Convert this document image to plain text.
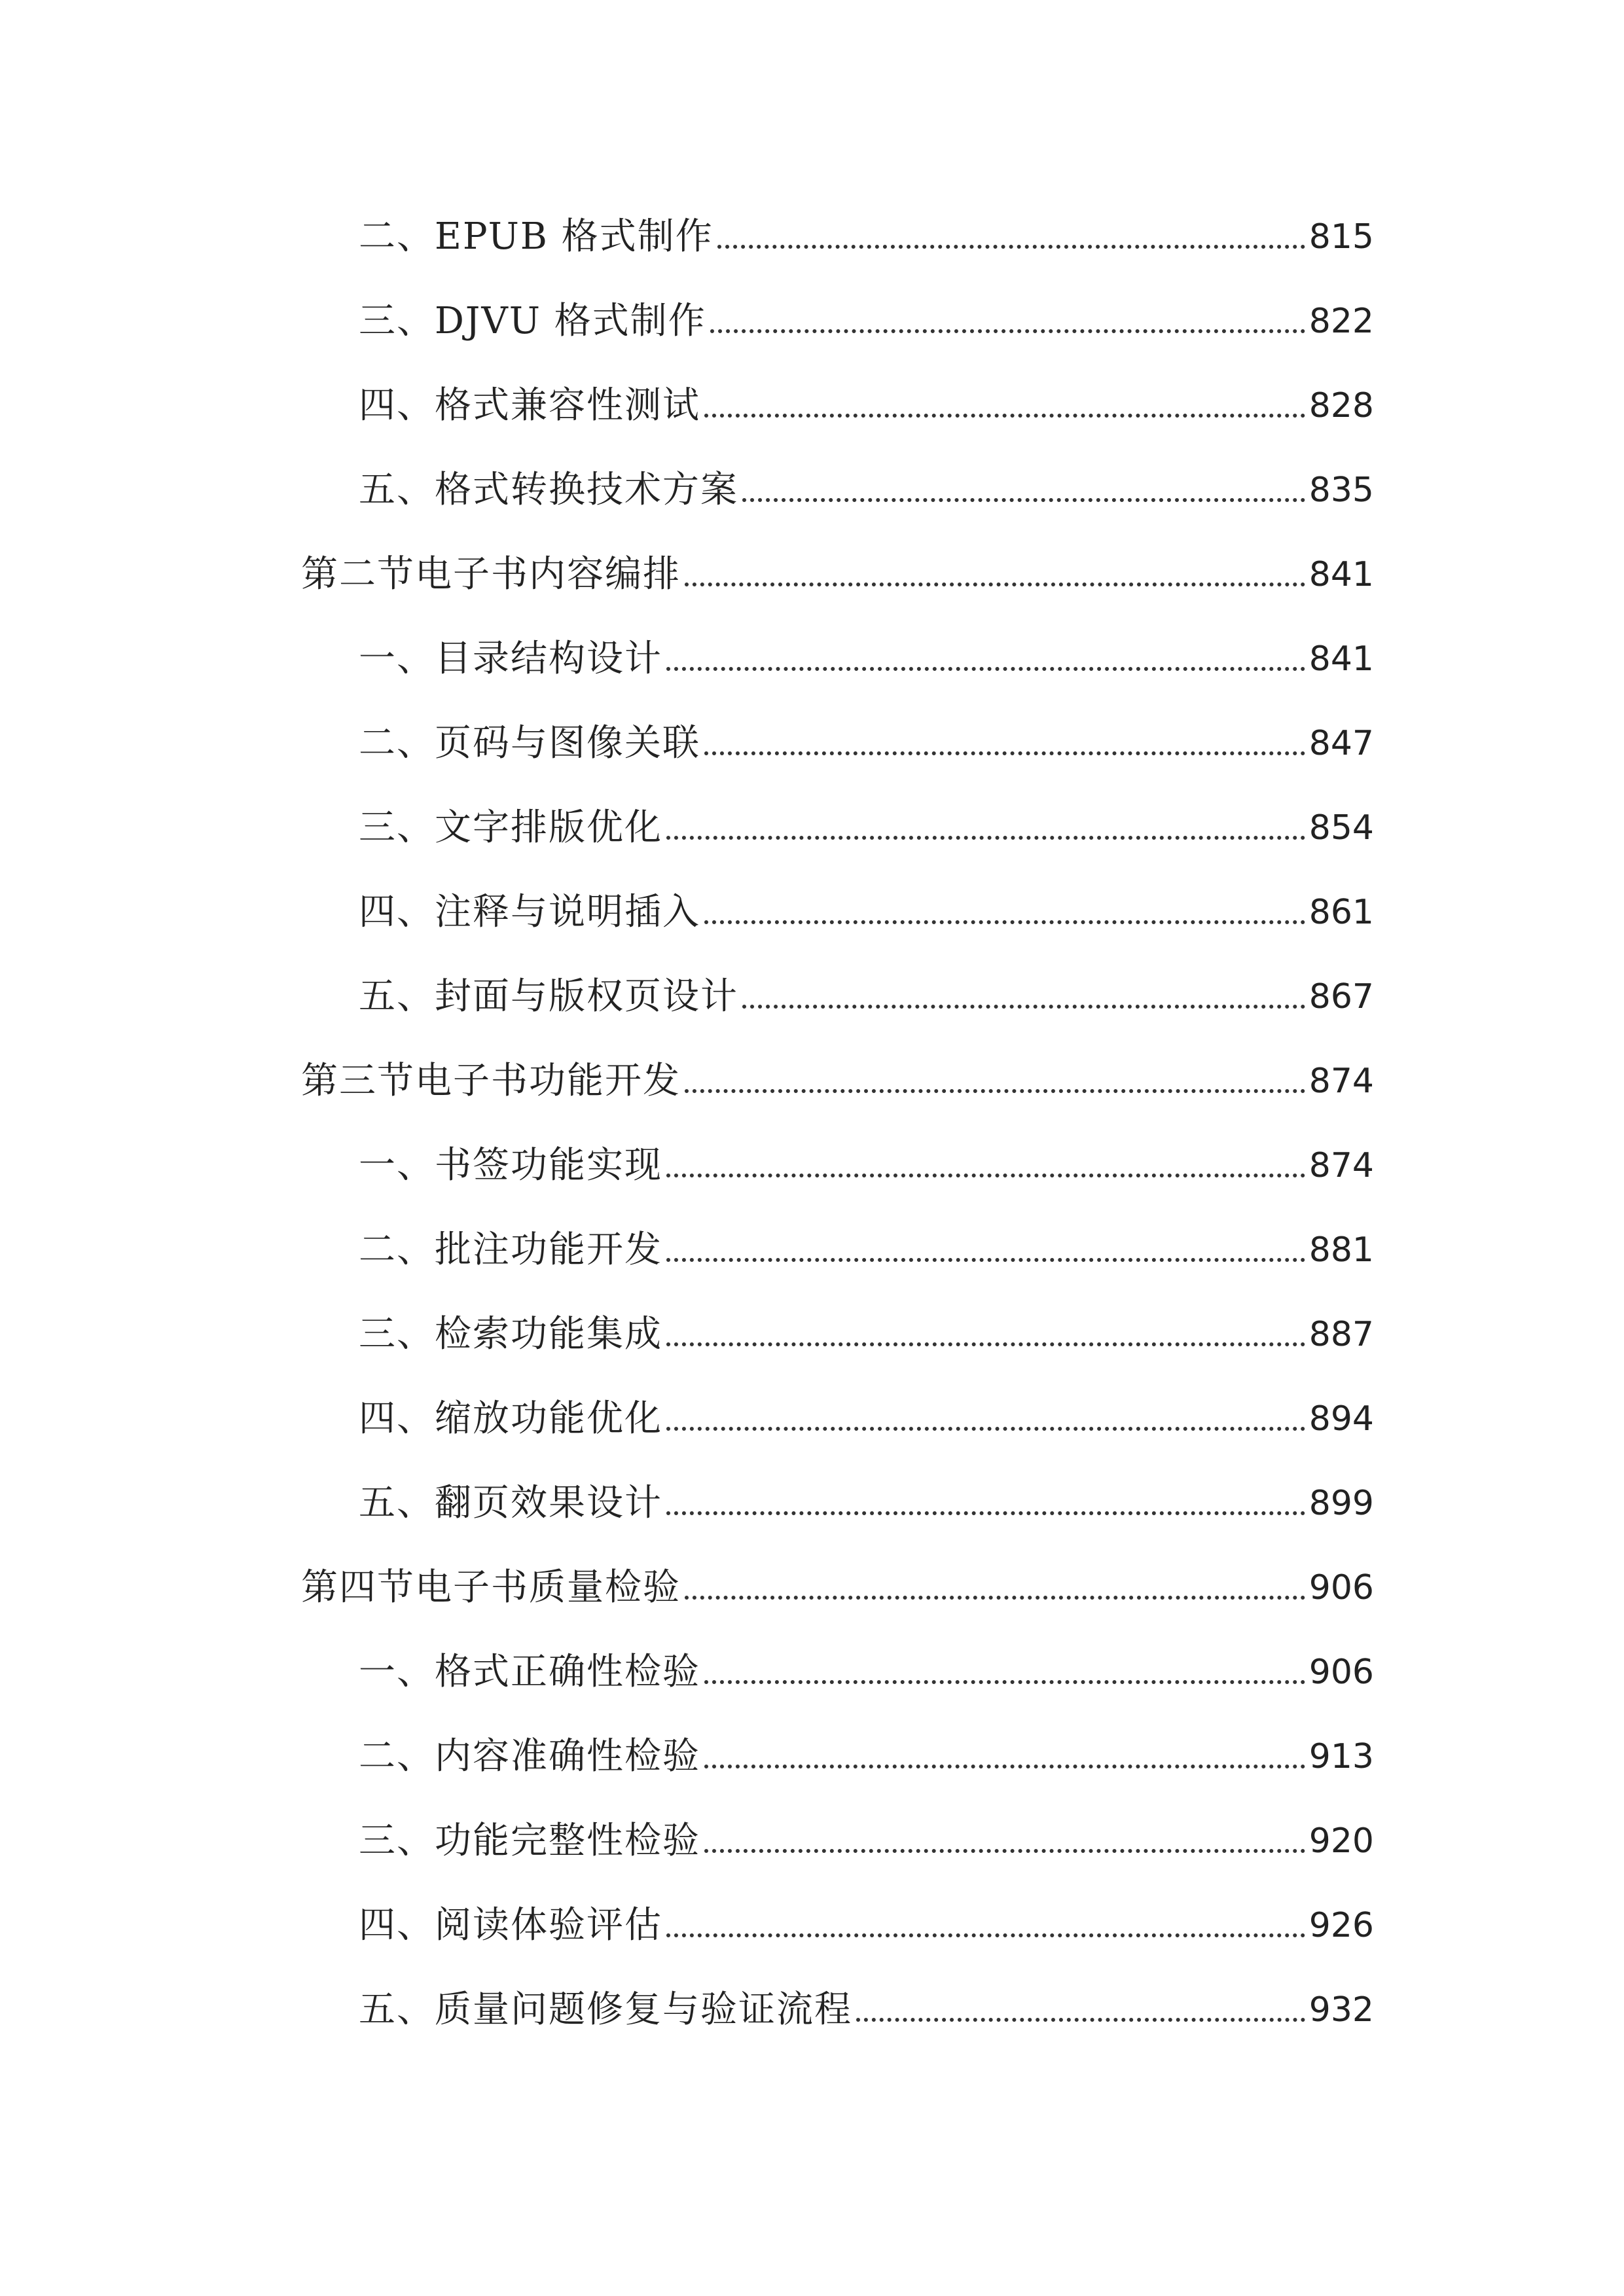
二、EPUB 格式制作	815
三、DJVU 格式制作	822
四、格式兼容性测试	828
五、格式转换技术方案	835
第二节电子书内容编排	841
一、目录结构设计	841
二、页码与图像关联	847
三、文字排版优化	854
四、注释与说明插入	861
五、封面与版权页设计	867
第三节电子书功能开发	874
一、书签功能实现	874
二、批注功能开发	881
三、检索功能集成	887
四、缩放功能优化	894
五、翻页效果设计	899
第四节电子书质量检验	906
一、格式正确性检验	906
二、内容准确性检验	913
三、功能完整性检验	920
四、阅读体验评估	926
五、质量问题修复与验证流程	932
